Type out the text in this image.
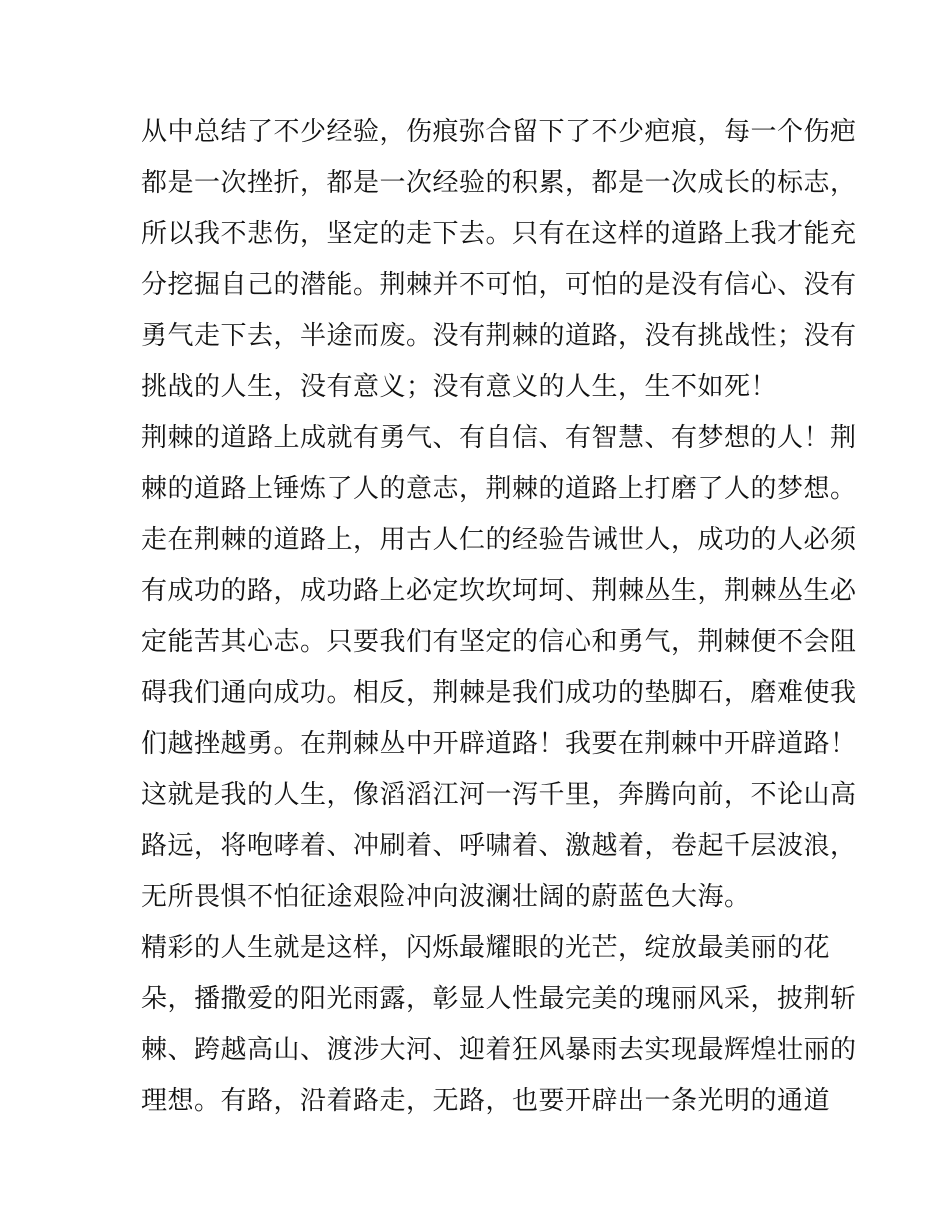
从中总结了不少经验，伤痕弥合留下了不少疤痕，每一个伤疤
都是一次挫折，都是一次经验的积累，都是一次成长的标志，
所以我不悲伤，坚定的走下去。只有在这样的道路上我才能充
分挖掘自己的潜能。荆棘并不可怕，可怕的是没有信心、没有
勇气走下去，半途而废。没有荆棘的道路，没有挑战性；没有
挑战的人生，没有意义；没有意义的人生，生不如死！
荆棘的道路上成就有勇气、有自信、有智慧、有梦想的人！荆
棘的道路上锤炼了人的意志，荆棘的道路上打磨了人的梦想。
走在荆棘的道路上，用古人仁的经验告诫世人，成功的人必须
有成功的路，成功路上必定坎坎坷坷、荆棘丛生，荆棘丛生必
定能苦其心志。只要我们有坚定的信心和勇气，荆棘便不会阻
碍我们通向成功。相反，荆棘是我们成功的垫脚石，磨难使我
们越挫越勇。在荆棘丛中开辟道路！我要在荆棘中开辟道路！
这就是我的人生，像滔滔江河一泻千里，奔腾向前，不论山高
路远，将咆哮着、冲刷着、呼啸着、激越着，卷起千层波浪，
无所畏惧不怕征途艰险冲向波澜壮阔的蔚蓝色大海。
精彩的人生就是这样，闪烁最耀眼的光芒，绽放最美丽的花
朵，播撒爱的阳光雨露，彰显人性最完美的瑰丽风采，披荆斩
棘、跨越高山、渡涉大河、迎着狂风暴雨去实现最辉煌壮丽的
理想。有路，沿着路走，无路，也要开辟出一条光明的通道
